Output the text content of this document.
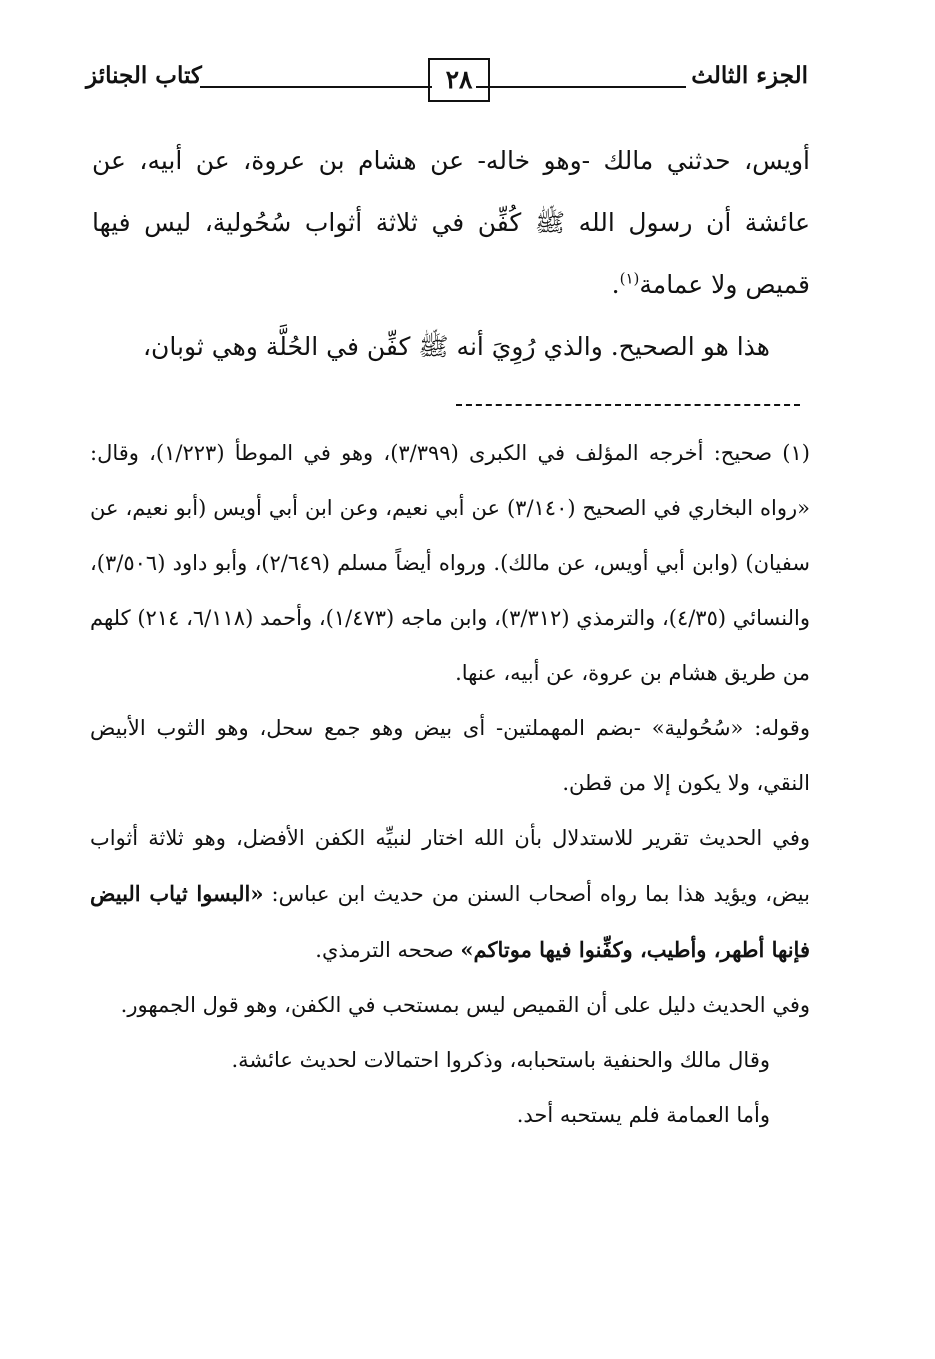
الجزء الثالث
٢٨
كتاب الجنائز

أويس، حدثني مالك -وهو خاله- عن هشام بن عروة، عن أبيه، عن عائشة أن رسول الله ﷺ كُفِّن في ثلاثة أثواب سُحُولية، ليس فيها قميص ولا عمامة$^{(١)}$.

هذا هو الصحيح. والذي رُوِيَ أنه ﷺ كفِّن في الحُلَّة وهي ثوبان،

(١) صحيح: أخرجه المؤلف في الكبرى (٣/٣٩٩)، وهو في الموطأ (١/٢٢٣)، وقال: «رواه البخاري في الصحيح (٣/١٤٠) عن أبي نعيم، وعن ابن أبي أويس (أبو نعيم، عن سفيان) (وابن أبي أويس، عن مالك). ورواه أيضاً مسلم (٢/٦٤٩)، وأبو داود (٣/٥٠٦)، والنسائي (٤/٣٥)، والترمذي (٣/٣١٢)، وابن ماجه (١/٤٧٣)، وأحمد (٦/١١٨، ٢١٤) كلهم من طريق هشام بن عروة، عن أبيه، عنها.

وقوله: «سُحُولية» -بضم المهملتين- أى بيض وهو جمع سحل، وهو الثوب الأبيض النقي، ولا يكون إلا من قطن.

وفي الحديث تقرير للاستدلال بأن الله اختار لنبيِّه الكفن الأفضل، وهو ثلاثة أثواب بيض، ويؤيد هذا بما رواه أصحاب السنن من حديث ابن عباس: «البسوا ثياب البيض فإنها أطهر، وأطيب، وكفِّنوا فيها موتاكم» صححه الترمذي.

وفي الحديث دليل على أن القميص ليس بمستحب في الكفن، وهو قول الجمهور.

وقال مالك والحنفية باستحبابه، وذكروا احتمالات لحديث عائشة.

وأما العمامة فلم يستحبه أحد.
